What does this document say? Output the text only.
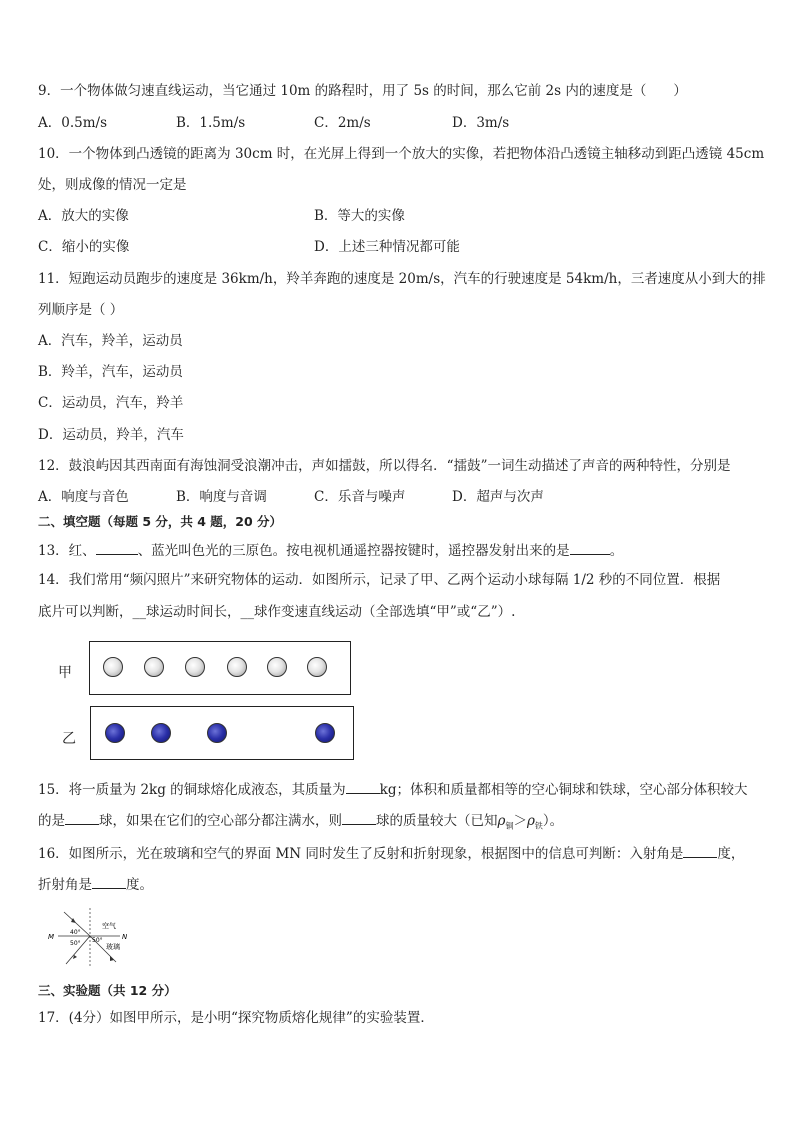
9．一个物体做匀速直线运动，当它通过 10m 的路程时，用了 5s 的时间，那么它前 2s 内的速度是（　　）
A．0.5m/s	B．1.5m/s	C．2m/s	D．3m/s
10．一个物体到凸透镜的距离为 30cm 时，在光屏上得到一个放大的实像，若把物体沿凸透镜主轴移动到距凸透镜 45cm
处，则成像的情况一定是
A．放大的实像	B．等大的实像
C．缩小的实像	D．上述三种情况都可能
11．短跑运动员跑步的速度是 36km/h，羚羊奔跑的速度是 20m/s，汽车的行驶速度是 54km/h，三者速度从小到大的排
列顺序是（ ）
A．汽车，羚羊，运动员
B．羚羊，汽车，运动员
C．运动员，汽车，羚羊
D．运动员，羚羊，汽车
12．鼓浪屿因其西南面有海蚀洞受浪潮冲击，声如擂鼓，所以得名．“擂鼓”一词生动描述了声音的两种特性，分别是
A．响度与音色	B．响度与音调	C．乐音与噪声	D．超声与次声
二、填空题（每题 5 分，共 4 题，20 分）
13．红、	、蓝光叫色光的三原色。按电视机通遥控器按键时，遥控器发射出来的是	。
14．我们常用“频闪照片”来研究物体的运动．如图所示，记录了甲、乙两个运动小球每隔 1/2 秒的不同位置．根据
底片可以判断，__球运动时间长，__球作变速直线运动（全部选填“甲”或“乙”）.
甲
乙
15．将一质量为 2kg 的铜球熔化成液态，其质量为	kg；体积和质量都相等的空心铜球和铁球，空心部分体积较大
的是	球，如果在它们的空心部分都注满水，则	球的质量较大（已知$\rho_铜>\rho_铁$）。
16．如图所示，光在玻璃和空气的界面 MN 同时发生了反射和折射现象，根据图中的信息可判断：入射角是	度，
折射角是	度。
M	N
空气
玻璃
40°
50° 50°
三、实验题（共 12 分）
17．(4分）如图甲所示，是小明“探究物质熔化规律”的实验装置．
